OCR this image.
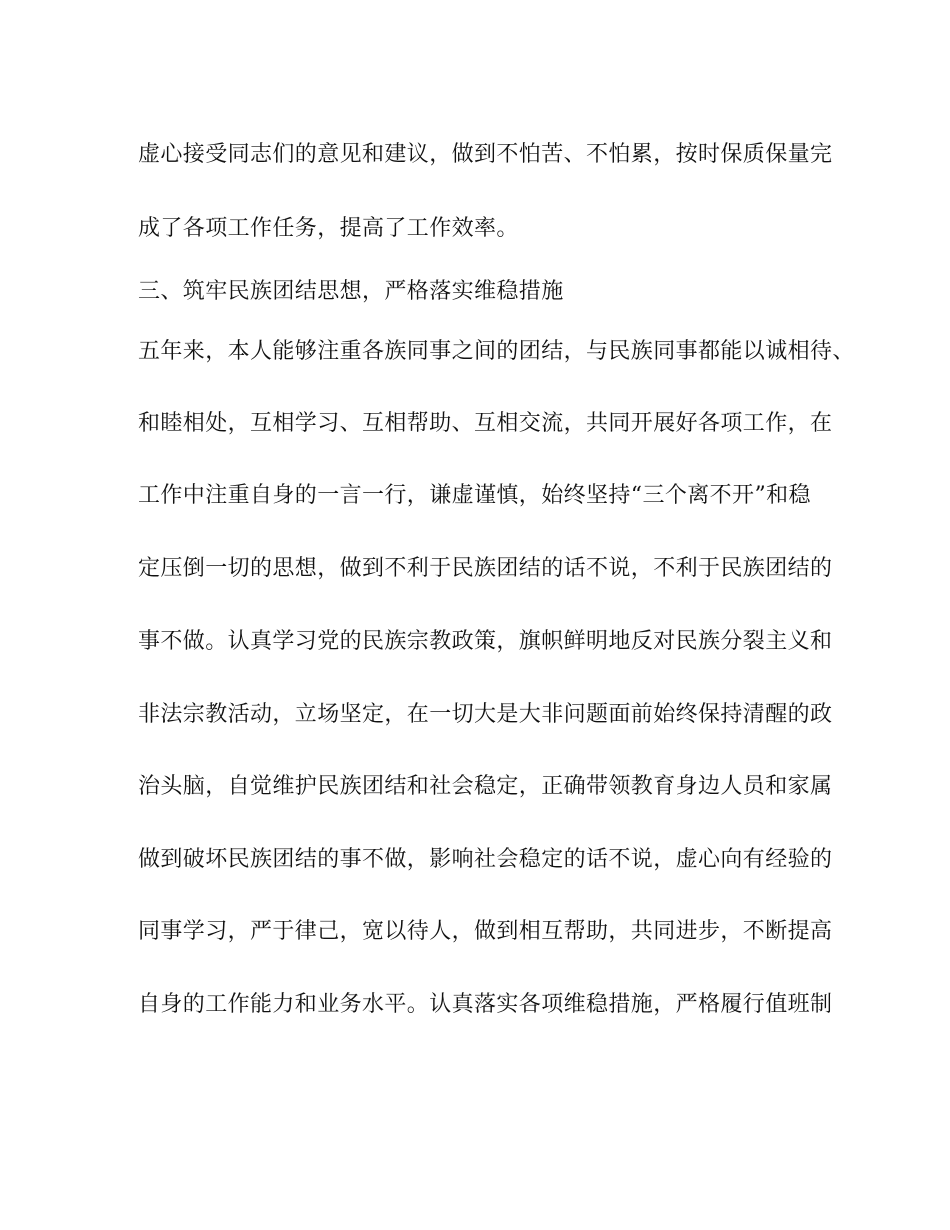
虚心接受同志们的意见和建议，做到不怕苦、不怕累，按时保质保量完
成了各项工作任务，提高了工作效率。
三、筑牢民族团结思想，严格落实维稳措施
五年来，本人能够注重各族同事之间的团结，与民族同事都能以诚相待、
和睦相处，互相学习、互相帮助、互相交流，共同开展好各项工作，在
工作中注重自身的一言一行，谦虚谨慎，始终坚持“三个离不开”和稳
定压倒一切的思想，做到不利于民族团结的话不说，不利于民族团结的
事不做。认真学习党的民族宗教政策，旗帜鲜明地反对民族分裂主义和
非法宗教活动，立场坚定，在一切大是大非问题面前始终保持清醒的政
治头脑，自觉维护民族团结和社会稳定，正确带领教育身边人员和家属
做到破坏民族团结的事不做，影响社会稳定的话不说，虚心向有经验的
同事学习，严于律己，宽以待人，做到相互帮助，共同进步，不断提高
自身的工作能力和业务水平。认真落实各项维稳措施，严格履行值班制
